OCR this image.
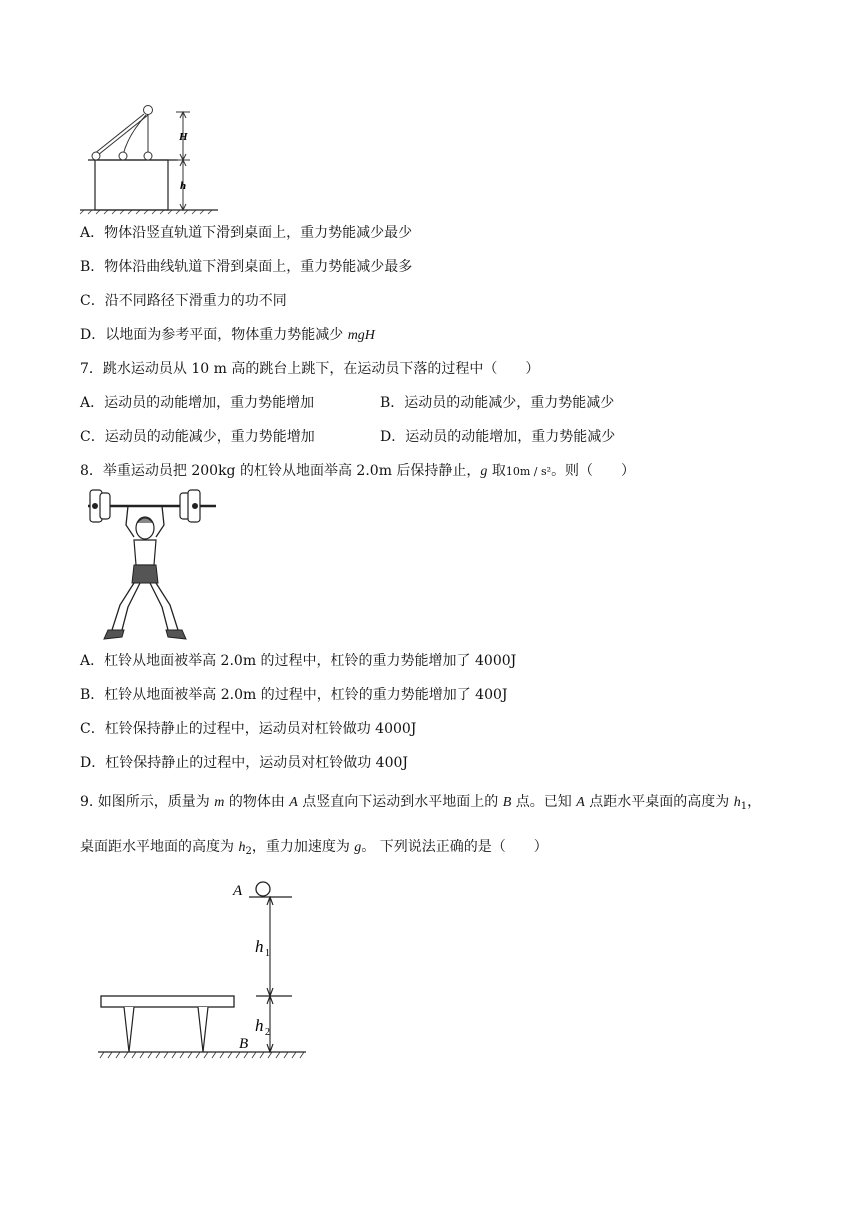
H
h
A．物体沿竖直轨道下滑到桌面上，重力势能减少最少
B．物体沿曲线轨道下滑到桌面上，重力势能减少最多
C．沿不同路径下滑重力的功不同
D．以地面为参考平面，物体重力势能减少 mgH
7．跳水运动员从 10 m 高的跳台上跳下，在运动员下落的过程中（　　）
A．运动员的动能增加，重力势能增加	B．运动员的动能减少，重力势能减少
C．运动员的动能减少，重力势能增加	D．运动员的动能增加，重力势能减少
8．举重运动员把 200kg 的杠铃从地面举高 2.0m 后保持静止，g 取10m / s²。则（　　）
A．杠铃从地面被举高 2.0m 的过程中，杠铃的重力势能增加了 4000J
B．杠铃从地面被举高 2.0m 的过程中，杠铃的重力势能增加了 400J
C．杠铃保持静止的过程中，运动员对杠铃做功 4000J
D．杠铃保持静止的过程中，运动员对杠铃做功 400J
9. 如图所示，质量为 m 的物体由 A 点竖直向下运动到水平地面上的 B 点。已知 A 点距水平桌面的高度为 $h_1$，
桌面距水平地面的高度为 $h_2$，重力加速度为 g。 下列说法正确的是（　　）
A
B
h 1
h 2
